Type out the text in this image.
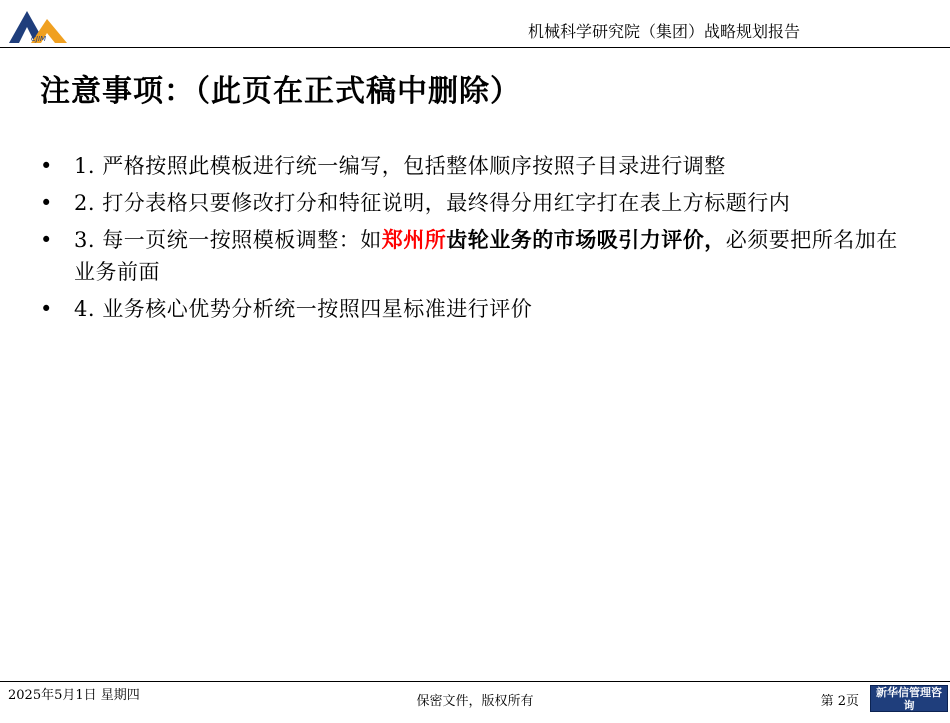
CJIM	机械科学研究院（集团）战略规划报告
注意事项：（此页在正式稿中删除）
• 1. 严格按照此模板进行统一编写，包括整体顺序按照子目录进行调整
• 2. 打分表格只要修改打分和特征说明，最终得分用红字打在表上方标题行内
• 3. 每一页统一按照模板调整：如郑州所齿轮业务的市场吸引力评价，必须要把所名加在业务前面
• 4. 业务核心优势分析统一按照四星标准进行评价
2025年5月1日 星期四	保密文件，版权所有	第 2页
新华信管理咨询
SINOTRUST
